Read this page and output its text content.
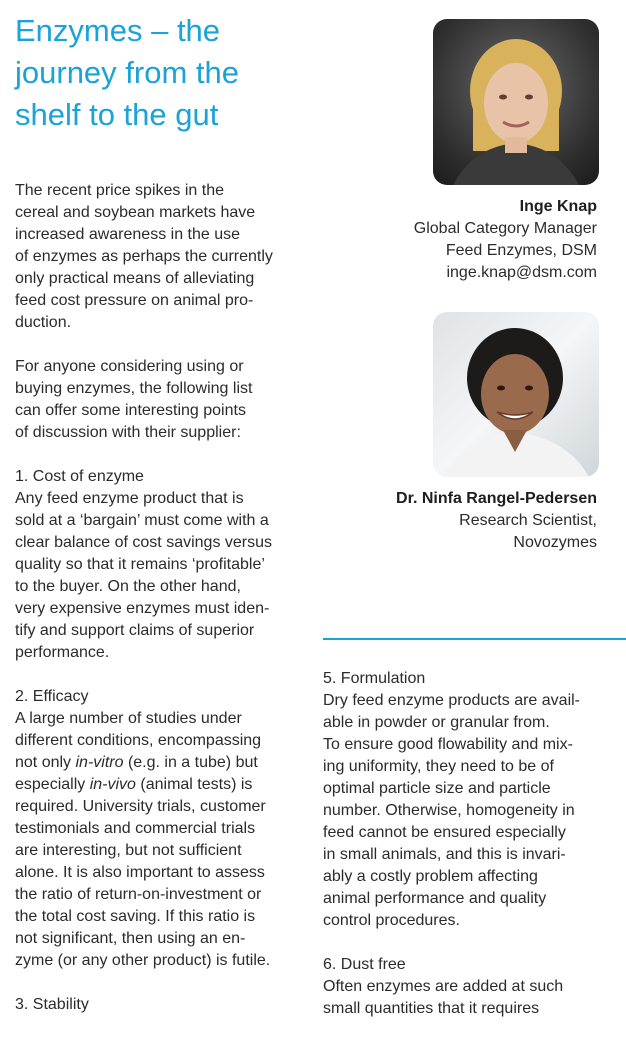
Enzymes – the
journey from the
shelf to the gut

The recent price spikes in the
cereal and soybean markets have
increased awareness in the use
of enzymes as perhaps the currently
only practical means of alleviating
feed cost pressure on animal pro-
duction.

For anyone considering using or
buying enzymes, the following list
can offer some interesting points
of discussion with their supplier:

1. Cost of enzyme
Any feed enzyme product that is
sold at a ‘bargain’ must come with a
clear balance of cost savings versus
quality so that it remains ‘profitable’
to the buyer. On the other hand,
very expensive enzymes must iden-
tify and support claims of superior
performance.
2. Efficacy
A large number of studies under
different conditions, encompassing
not only in-vitro (e.g. in a tube) but
especially in-vivo (animal tests) is
required. University trials, customer
testimonials and commercial trials
are interesting, but not sufficient
alone. It is also important to assess
the ratio of return-on-investment or
the total cost saving. If this ratio is
not significant, then using an en-
zyme (or any other product) is futile.
3. Stability
Inge Knap
Global Category Manager
Feed Enzymes, DSM
inge.knap@dsm.com
Dr. Ninfa Rangel-Pedersen
Research Scientist,
Novozymes
5. Formulation
Dry feed enzyme products are avail-
able in powder or granular from.
To ensure good flowability and mix-
ing uniformity, they need to be of
optimal particle size and particle
number. Otherwise, homogeneity in
feed cannot be ensured especially
in small animals, and this is invari-
ably a costly problem affecting
animal performance and quality
control procedures.
6. Dust free
Often enzymes are added at such
small quantities that it requires
